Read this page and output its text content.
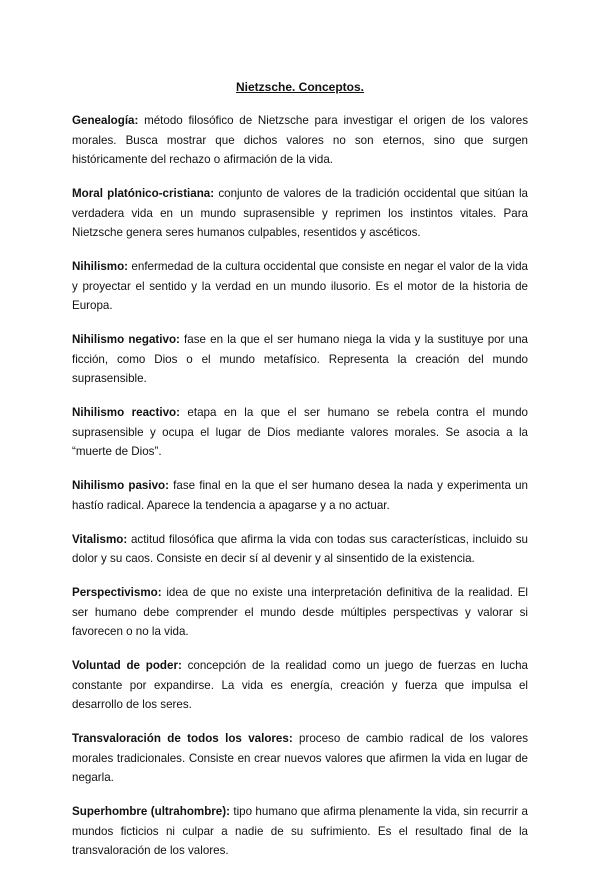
Nietzsche. Conceptos.

Genealogía: método filosófico de Nietzsche para investigar el origen de los valores morales. Busca mostrar que dichos valores no son eternos, sino que surgen históricamente del rechazo o afirmación de la vida.

Moral platónico-cristiana: conjunto de valores de la tradición occidental que sitúan la verdadera vida en un mundo suprasensible y reprimen los instintos vitales. Para Nietzsche genera seres humanos culpables, resentidos y ascéticos.

Nihilismo: enfermedad de la cultura occidental que consiste en negar el valor de la vida y proyectar el sentido y la verdad en un mundo ilusorio. Es el motor de la historia de Europa.

Nihilismo negativo: fase en la que el ser humano niega la vida y la sustituye por una ficción, como Dios o el mundo metafísico. Representa la creación del mundo suprasensible.

Nihilismo reactivo: etapa en la que el ser humano se rebela contra el mundo suprasensible y ocupa el lugar de Dios mediante valores morales. Se asocia a la “muerte de Dios”.

Nihilismo pasivo: fase final en la que el ser humano desea la nada y experimenta un hastío radical. Aparece la tendencia a apagarse y a no actuar.

Vitalismo: actitud filosófica que afirma la vida con todas sus características, incluido su dolor y su caos. Consiste en decir sí al devenir y al sinsentido de la existencia.

Perspectivismo: idea de que no existe una interpretación definitiva de la realidad. El ser humano debe comprender el mundo desde múltiples perspectivas y valorar si favorecen o no la vida.

Voluntad de poder: concepción de la realidad como un juego de fuerzas en lucha constante por expandirse. La vida es energía, creación y fuerza que impulsa el desarrollo de los seres.

Transvaloración de todos los valores: proceso de cambio radical de los valores morales tradicionales. Consiste en crear nuevos valores que afirmen la vida en lugar de negarla.

Superhombre (ultrahombre): tipo humano que afirma plenamente la vida, sin recurrir a mundos ficticios ni culpar a nadie de su sufrimiento. Es el resultado final de la transvaloración de los valores.
